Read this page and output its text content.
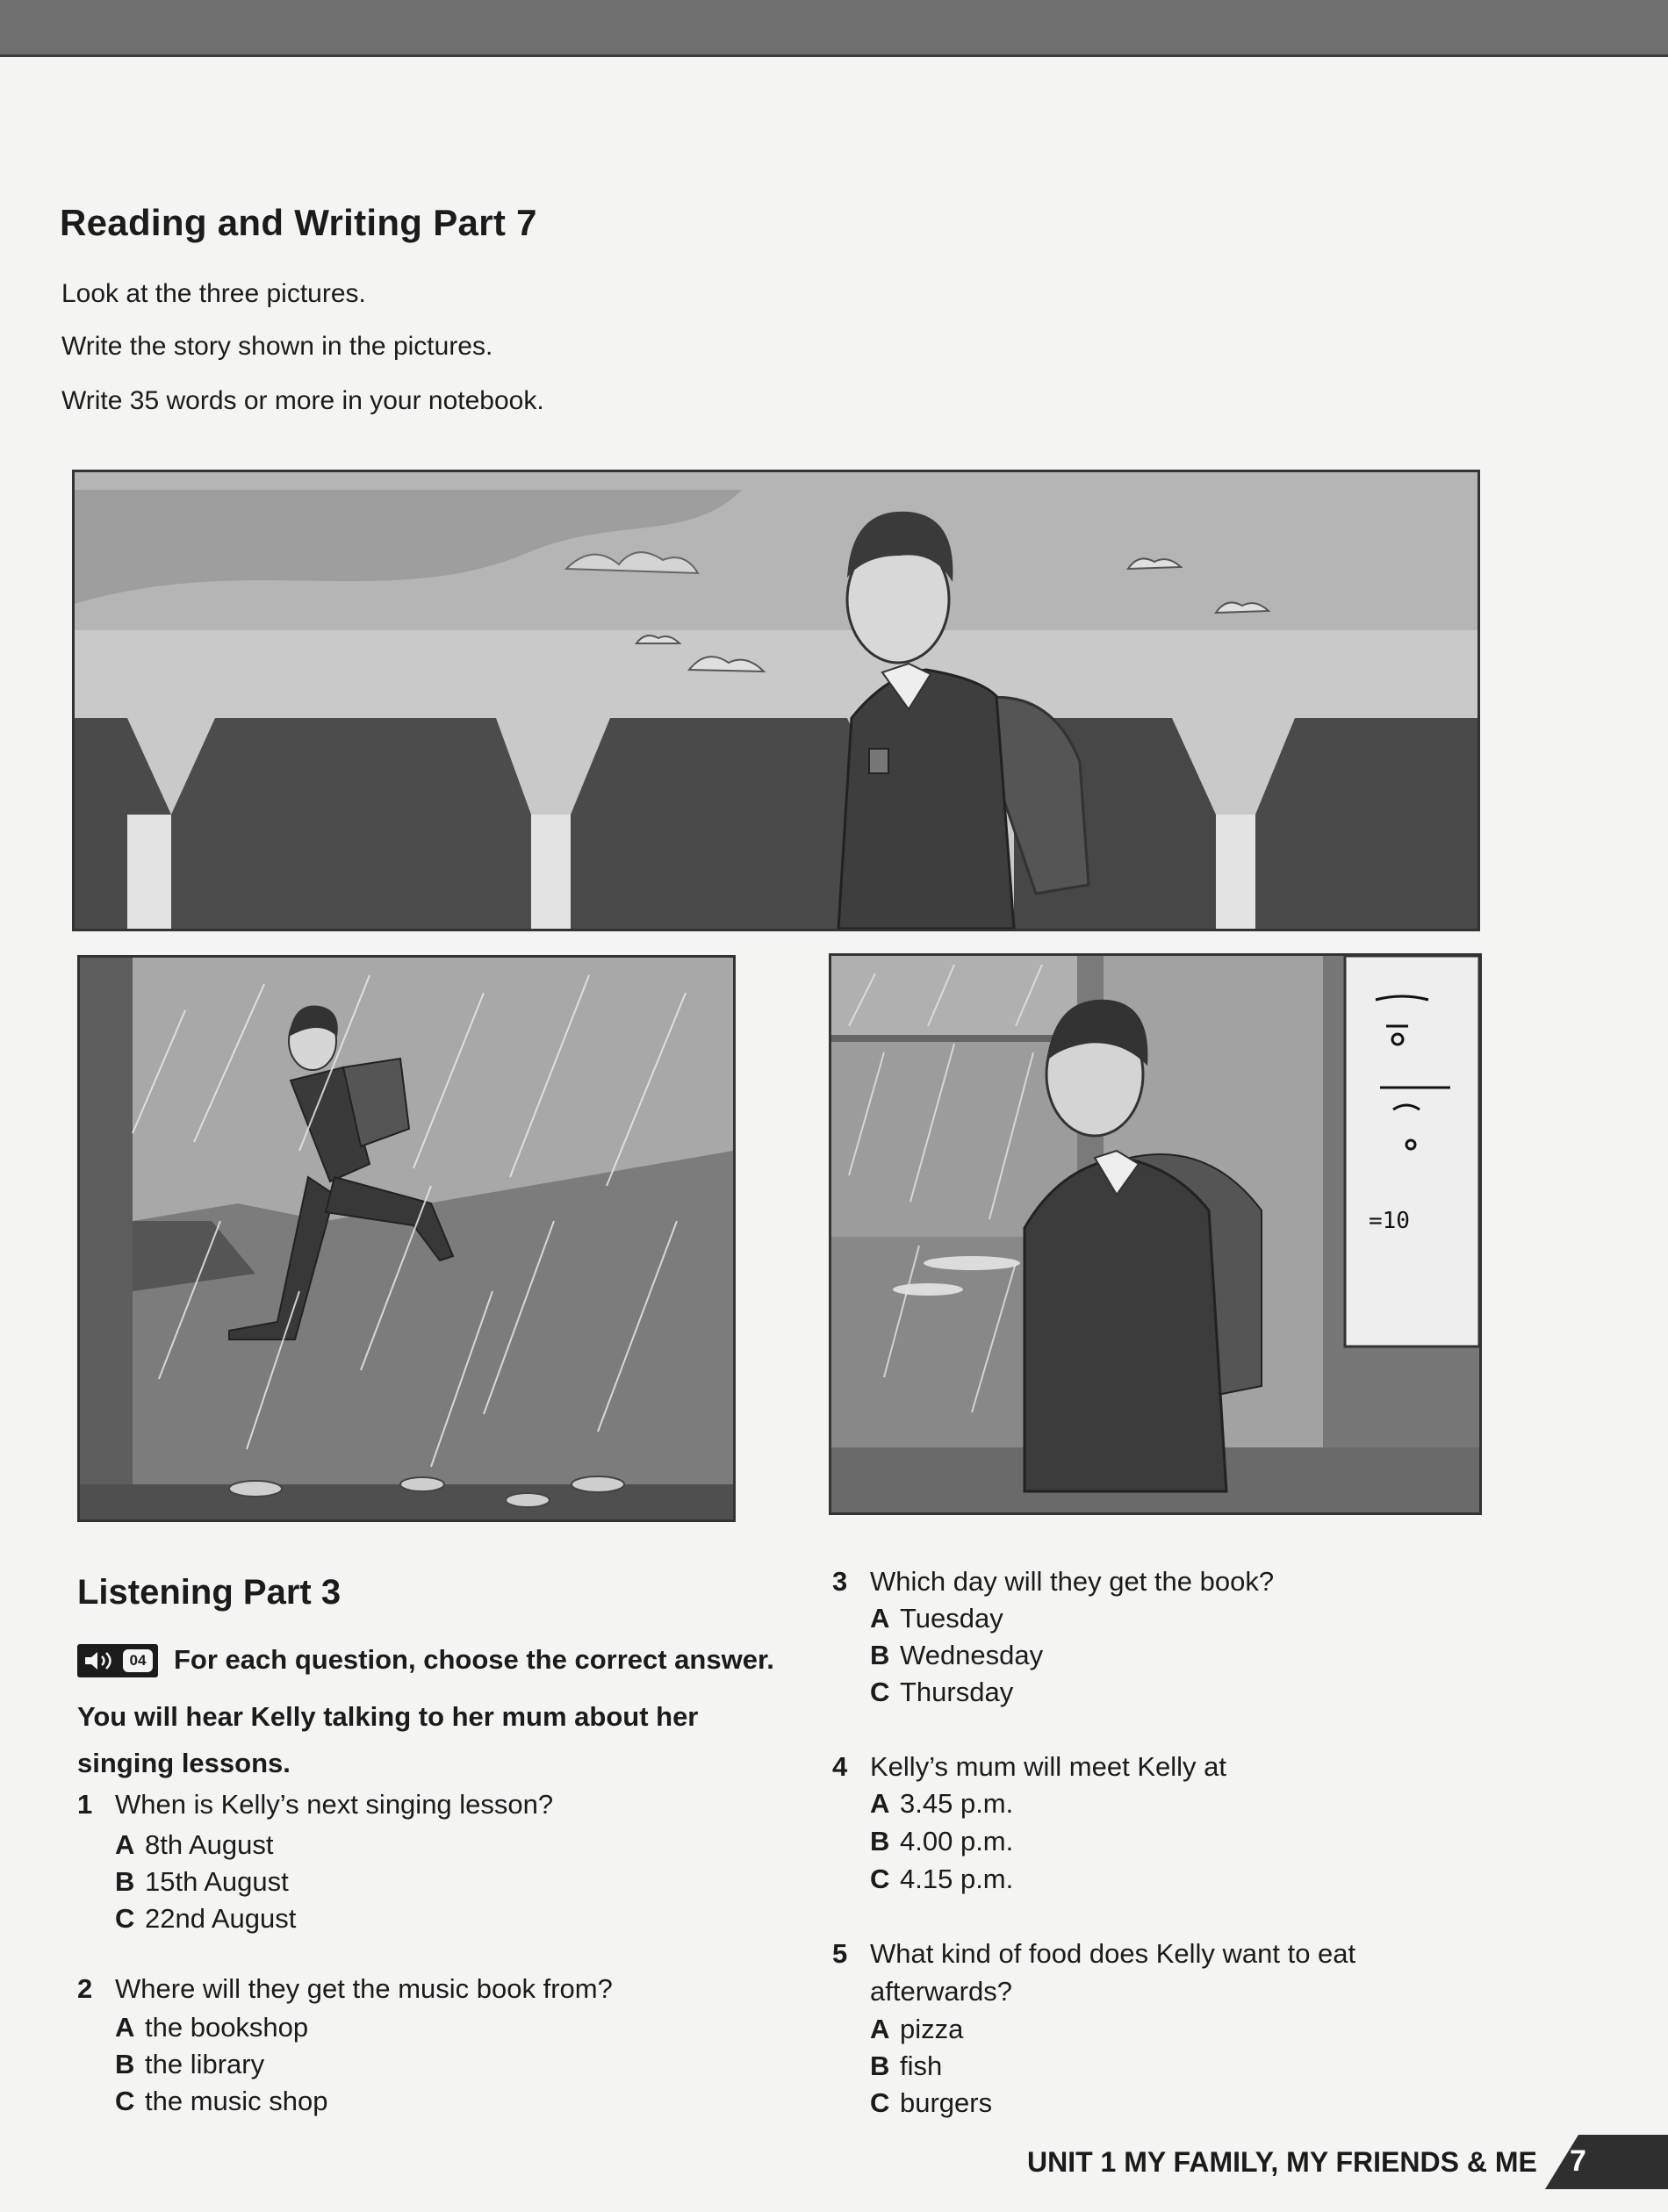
Reading and Writing Part 7
Look at the three pictures.
Write the story shown in the pictures.
Write 35 words or more in your notebook.
=10
Listening Part 3
04 For each question, choose the correct answer.
You will hear Kelly talking to her mum about her
singing lessons.
1 When is Kelly’s next singing lesson?
A 8th August
B 15th August
C 22nd August
2 Where will they get the music book from?
A the bookshop
B the library
C the music shop
3 Which day will they get the book?
A Tuesday
B Wednesday
C Thursday
4 Kelly’s mum will meet Kelly at
A 3.45 p.m.
B 4.00 p.m.
C 4.15 p.m.
5 What kind of food does Kelly want to eat
afterwards?
A pizza
B fish
C burgers
UNIT 1 MY FAMILY, MY FRIENDS & ME 7
